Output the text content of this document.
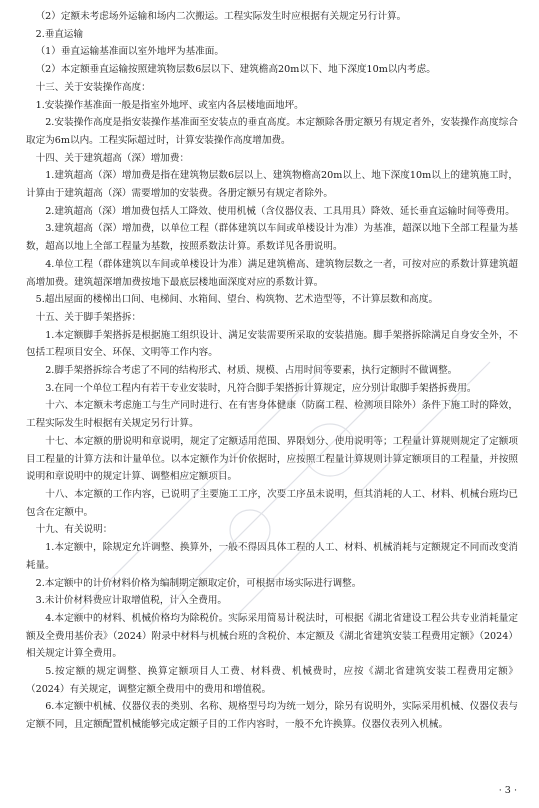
（2）定额未考虑场外运输和场内二次搬运。工程实际发生时应根据有关规定另行计算。

2.垂直运输

（1）垂直运输基准面以室外地坪为基准面。

（2）本定额垂直运输按照建筑物层数6层以下、建筑檐高20m以下、地下深度10m以内考虑。

十三、关于安装操作高度：

1.安装操作基准面一般是指室外地坪、或室内各层楼地面地坪。

2.安装操作高度是指安装操作基准面至安装点的垂直高度。本定额除各册定额另有规定者外，安装操作高度综合取定为6m以内。工程实际超过时，计算安装操作高度增加费。

十四、关于建筑超高（深）增加费：

1.建筑超高（深）增加费是指在建筑物层数6层以上、建筑物檐高20m以上、地下深度10m以上的建筑施工时，计算由于建筑超高（深）需要增加的安装费。各册定额另有规定者除外。

2.建筑超高（深）增加费包括人工降效、使用机械（含仪器仪表、工具用具）降效、延长垂直运输时间等费用。

3.建筑超高（深）增加费，以单位工程（群体建筑以车间或单楼设计为准）为基准，超深以地下全部工程量为基数，超高以地上全部工程量为基数，按照系数法计算。系数详见各册说明。

4.单位工程（群体建筑以车间或单楼设计为准）满足建筑檐高、建筑物层数之一者，可按对应的系数计算建筑超高增加费。建筑超深增加费按地下最底层楼地面深度对应的系数计算。

5.超出屋面的楼梯出口间、电梯间、水箱间、望台、构筑物、艺术造型等，不计算层数和高度。

十五、关于脚手架搭拆：

1.本定额脚手架搭拆是根据施工组织设计、满足安装需要所采取的安装措施。脚手架搭拆除满足自身安全外，不包括工程项目安全、环保、文明等工作内容。

2.脚手架搭拆综合考虑了不同的结构形式、材质、规模、占用时间等要素，执行定额时不做调整。

3.在同一个单位工程内有若干专业安装时，凡符合脚手架搭拆计算规定，应分别计取脚手架搭拆费用。

十六、本定额未考虑施工与生产同时进行、在有害身体健康（防腐工程、检测项目除外）条件下施工时的降效，工程实际发生时根据有关规定另行计算。

十七、本定额的册说明和章说明，规定了定额适用范围、界限划分、使用说明等；工程量计算规则规定了定额项目工程量的计算方法和计量单位。以本定额作为计价依据时，应按照工程量计算规则计算定额项目的工程量，并按照说明和章说明中的规定计算、调整相应定额项目。

十八、本定额的工作内容，已说明了主要施工工序，次要工序虽未说明，但其消耗的人工、材料、机械台班均已包含在定额中。

十九、有关说明：

1.本定额中，除规定允许调整、换算外，一般不得因具体工程的人工、材料、机械消耗与定额规定不同而改变消耗量。

2.本定额中的计价材料价格为编制期定额取定价，可根据市场实际进行调整。

3.未计价材料费应计取增值税，计入全费用。

4.本定额中的材料、机械价格均为除税价。实际采用简易计税法时，可根据《湖北省建设工程公共专业消耗量定额及全费用基价表》（2024）附录中材料与机械台班的含税价、本定额及《湖北省建筑安装工程费用定额》（2024）相关规定计算全费用。

5.按定额的规定调整、换算定额项目人工费、材料费、机械费时，应按《湖北省建筑安装工程费用定额》（2024）有关规定，调整定额全费用中的费用和增值税。

6.本定额中机械、仪器仪表的类别、名称、规格型号均为统一划分，除另有说明外，实际采用机械、仪器仪表与定额不同，且定额配置机械能够完成定额子目的工作内容时，一般不允许换算。仪器仪表列入机械。

· 3 ·
